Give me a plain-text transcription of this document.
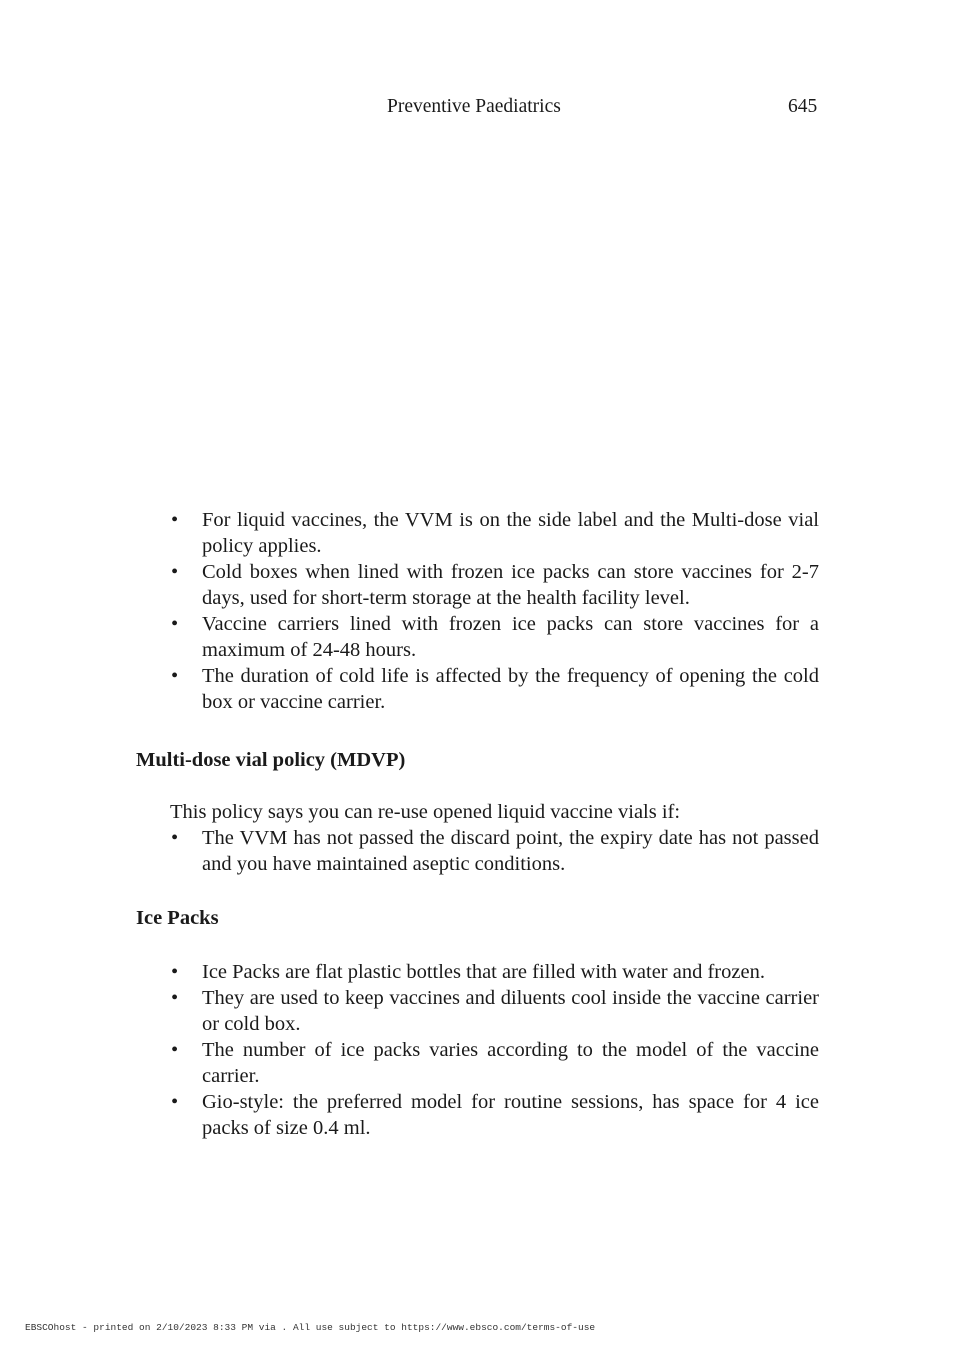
Preventive Paediatrics	645
• For liquid vaccines, the VVM is on the side label and the Multi-dose vial policy applies.
• Cold boxes when lined with frozen ice packs can store vaccines for 2-7 days, used for short-term storage at the health facility level.
• Vaccine carriers lined with frozen ice packs can store vaccines for a maximum of 24-48 hours.
• The duration of cold life is affected by the frequency of opening the cold box or vaccine carrier.
Multi-dose vial policy (MDVP)
This policy says you can re-use opened liquid vaccine vials if:
• The VVM has not passed the discard point, the expiry date has not passed and you have maintained aseptic conditions.
Ice Packs
• Ice Packs are flat plastic bottles that are filled with water and frozen.
• They are used to keep vaccines and diluents cool inside the vaccine carrier or cold box.
• The number of ice packs varies according to the model of the vaccine carrier.
• Gio-style: the preferred model for routine sessions, has space for 4 ice packs of size 0.4 ml.
EBSCOhost - printed on 2/10/2023 8:33 PM via . All use subject to https://www.ebsco.com/terms-of-use
